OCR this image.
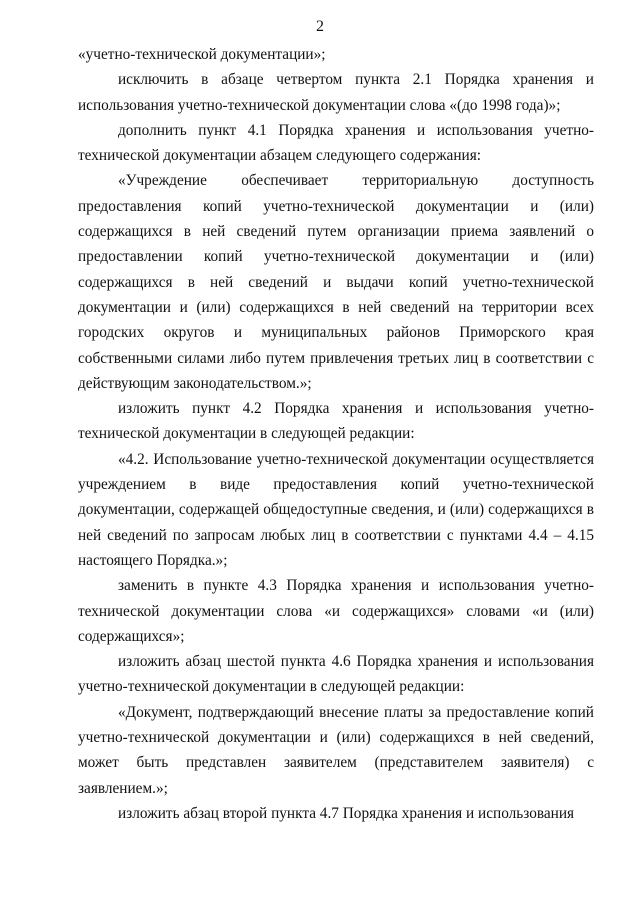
2

«учетно-технической документации»;

исключить в абзаце четвертом пункта 2.1 Порядка хранения и использования учетно-технической документации слова «(до 1998 года)»;

дополнить пункт 4.1 Порядка хранения и использования учетно-технической документации абзацем следующего содержания:

«Учреждение обеспечивает территориальную доступность предоставления копий учетно-технической документации и (или) содержащихся в ней сведений путем организации приема заявлений о предоставлении копий учетно-технической документации и (или) содержащихся в ней сведений и выдачи копий учетно-технической документации и (или) содержащихся в ней сведений на территории всех городских округов и муниципальных районов Приморского края собственными силами либо путем привлечения третьих лиц в соответствии с действующим законодательством.»;

изложить пункт 4.2 Порядка хранения и использования учетно-технической документации в следующей редакции:

«4.2. Использование учетно-технической документации осуществляется учреждением в виде предоставления копий учетно-технической документации, содержащей общедоступные сведения, и (или) содержащихся в ней сведений по запросам любых лиц в соответствии с пунктами 4.4 – 4.15 настоящего Порядка.»;

заменить в пункте 4.3 Порядка хранения и использования учетно-технической документации слова «и содержащихся» словами «и (или) содержащихся»;

изложить абзац шестой пункта 4.6 Порядка хранения и использования учетно-технической документации в следующей редакции:

«Документ, подтверждающий внесение платы за предоставление копий учетно-технической документации и (или) содержащихся в ней сведений, может быть представлен заявителем (представителем заявителя) с заявлением.»;

изложить абзац второй пункта 4.7 Порядка хранения и использования
